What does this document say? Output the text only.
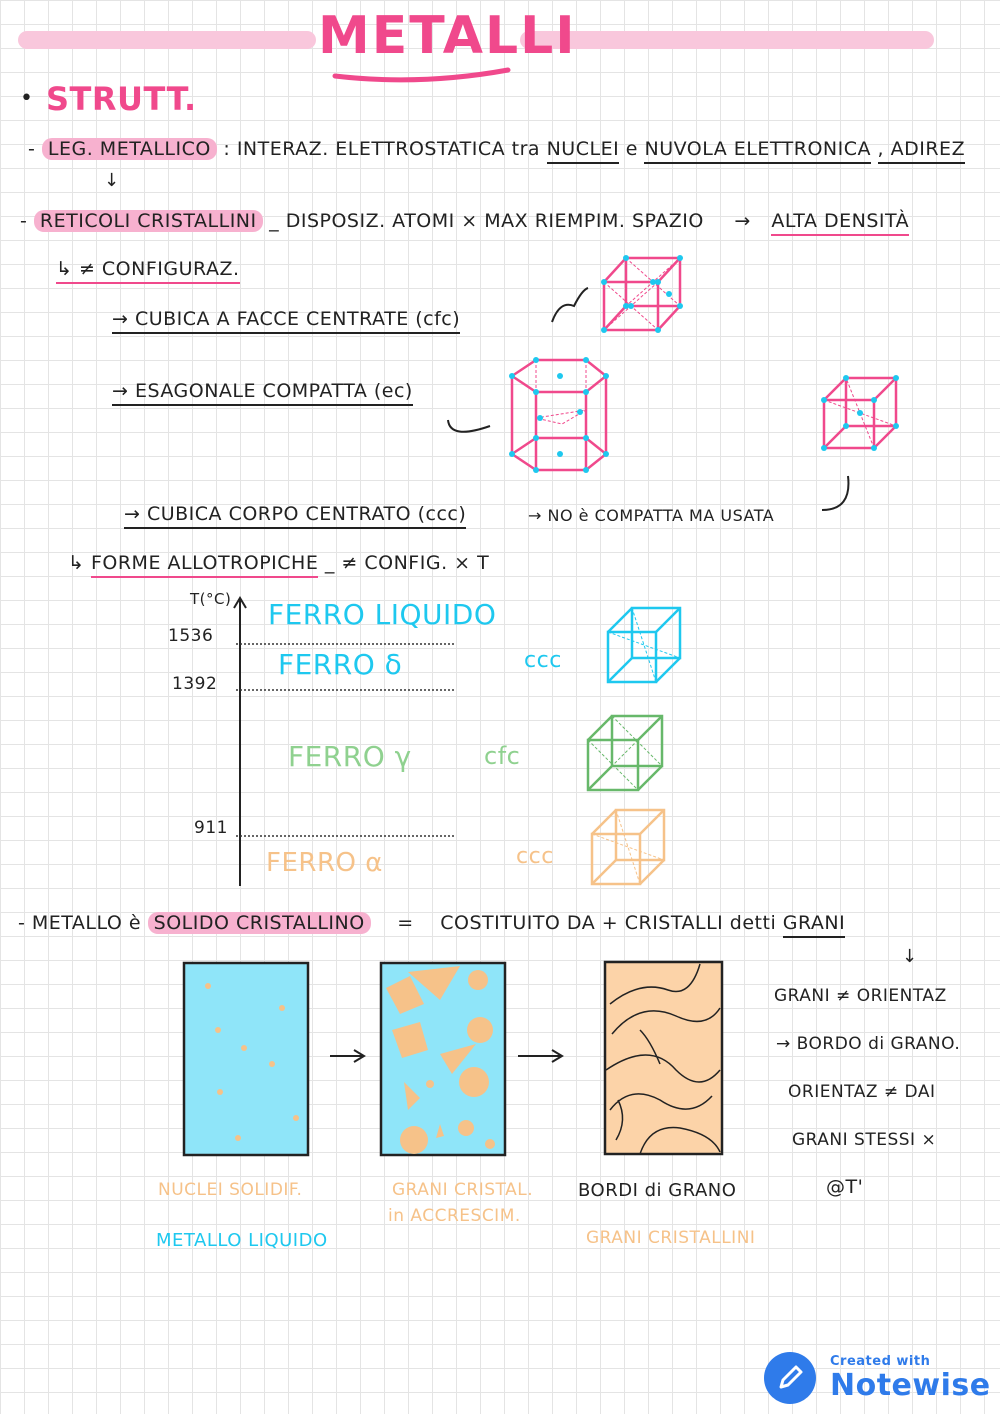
METALLI
• STRUTT.
- LEG. METALLICO : INTERAZ. ELETTROSTATICA tra NUCLEI e NUVOLA ELETTRONICA , ADIREZ
↓
- RETICOLI CRISTALLINI _ DISPOSIZ. ATOMI × MAX RIEMPIM. SPAZIO → ALTA DENSITÀ
↳ ≠ CONFIGURAZ.
→ CUBICA A FACCE CENTRATE (cfc)
→ ESAGONALE COMPATTA (ec)
→ CUBICA CORPO CENTRATO (ccc)	→ NO è COMPATTA MA USATA
↳ FORME ALLOTROPICHE _ ≠ CONFIG. × T
T(°C)
1536
1392
911
FERRO LIQUIDO
FERRO δ	ccc
FERRO γ	cfc
FERRO α	ccc
- METALLO è SOLIDO CRISTALLINO = COSTITUITO DA + CRISTALLI detti GRANI
↓
GRANI ≠ ORIENTAZ
→ BORDO di GRANO.
ORIENTAZ ≠ DAI
GRANI STESSI ×
@T'
NUCLEI SOLIDIF.
METALLO LIQUIDO
GRANI CRISTAL.
in ACCRESCIM.
BORDI di GRANO
GRANI CRISTALLINI
Created with
Notewise
